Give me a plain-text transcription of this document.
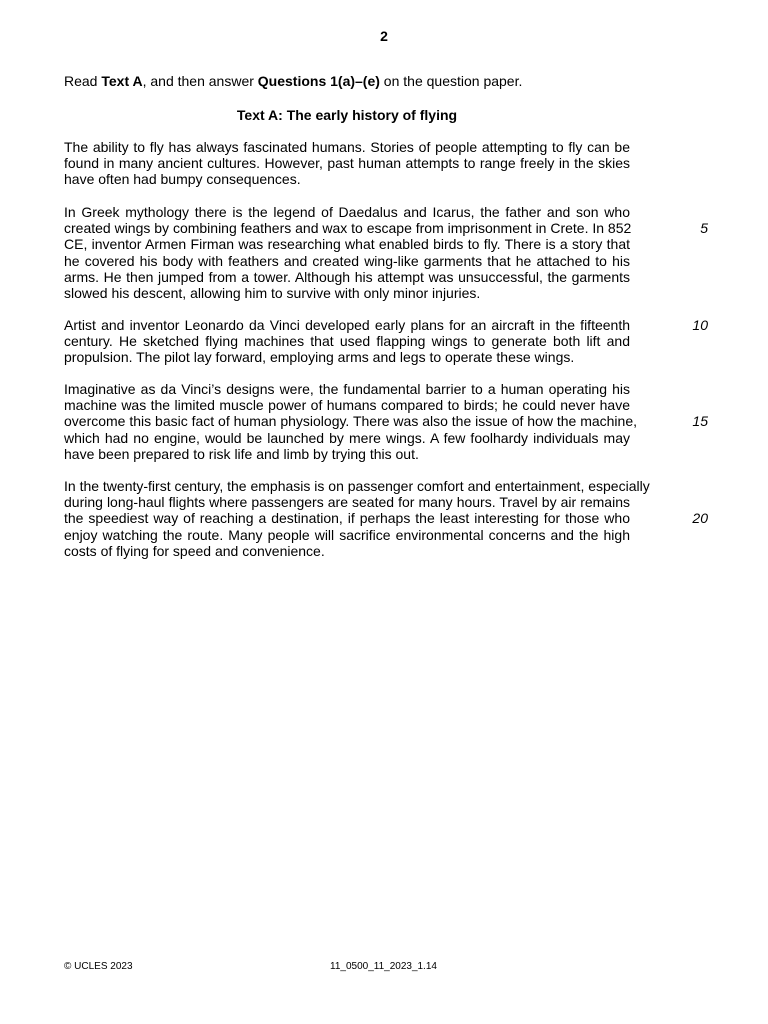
2
Read Text A, and then answer Questions 1(a)–(e) on the question paper.
Text A: The early history of flying
The ability to fly has always fascinated humans. Stories of people attempting to fly can be
found in many ancient cultures. However, past human attempts to range freely in the skies
have often had bumpy consequences.
In Greek mythology there is the legend of Daedalus and Icarus, the father and son who
created wings by combining feathers and wax to escape from imprisonment in Crete. In 852
CE, inventor Armen Firman was researching what enabled birds to fly. There is a story that
he covered his body with feathers and created wing-like garments that he attached to his
arms. He then jumped from a tower. Although his attempt was unsuccessful, the garments
slowed his descent, allowing him to survive with only minor injuries.
Artist and inventor Leonardo da Vinci developed early plans for an aircraft in the fifteenth
century. He sketched flying machines that used flapping wings to generate both lift and
propulsion. The pilot lay forward, employing arms and legs to operate these wings.
Imaginative as da Vinci’s designs were, the fundamental barrier to a human operating his
machine was the limited muscle power of humans compared to birds; he could never have
overcome this basic fact of human physiology. There was also the issue of how the machine,
which had no engine, would be launched by mere wings. A few foolhardy individuals may
have been prepared to risk life and limb by trying this out.
In the twenty-first century, the emphasis is on passenger comfort and entertainment, especially
during long-haul flights where passengers are seated for many hours. Travel by air remains
the speediest way of reaching a destination, if perhaps the least interesting for those who
enjoy watching the route. Many people will sacrifice environmental concerns and the high
costs of flying for speed and convenience.
5
10
15
20
© UCLES 2023	11_0500_11_2023_1.14
